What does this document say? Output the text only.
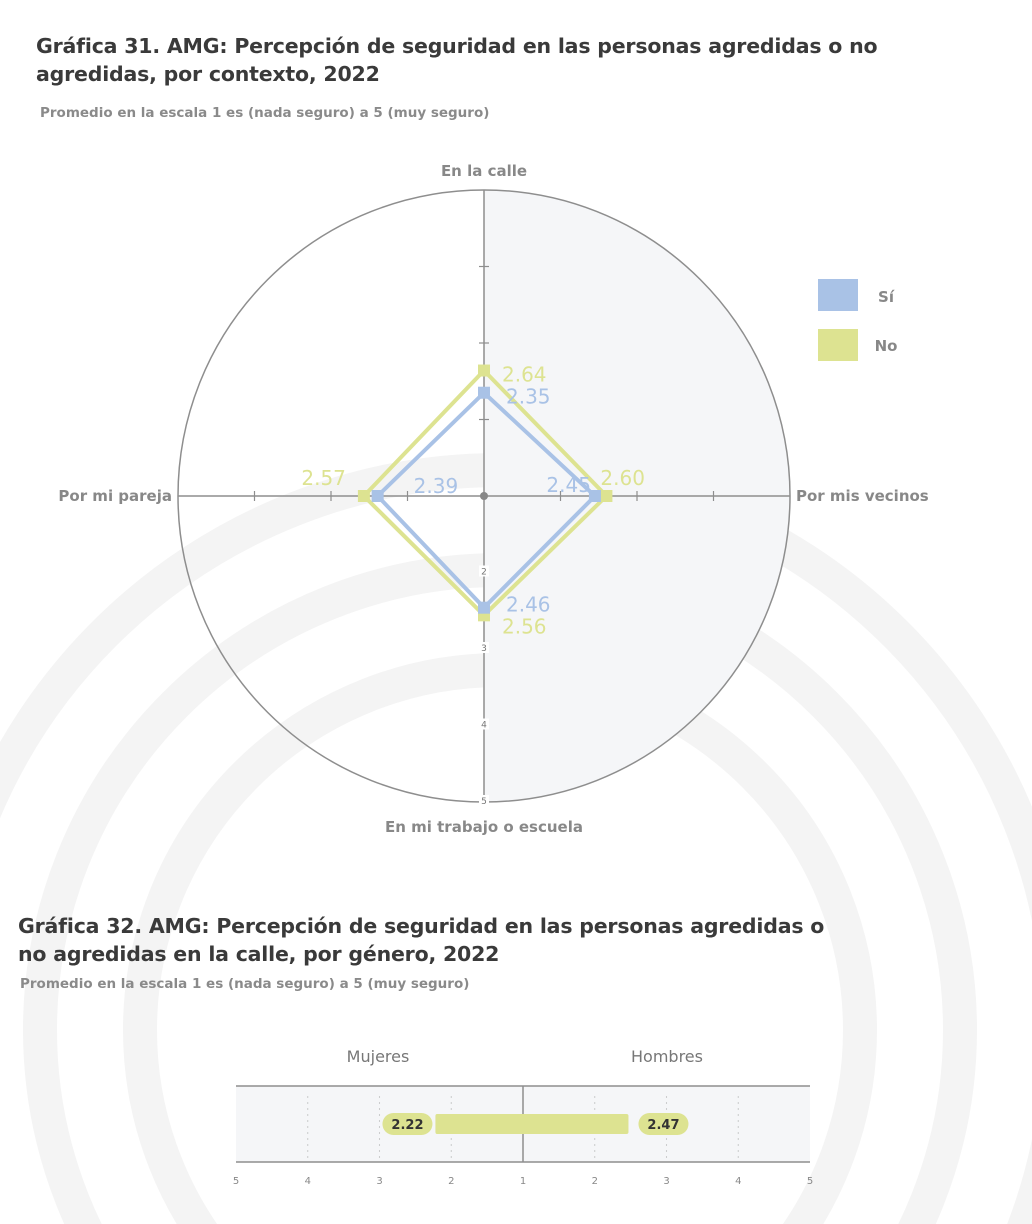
Gráfica 31. AMG: Percepción de seguridad en las personas agredidas o no agredidas, por contexto, 2022
Promedio en la escala 1 es (nada seguro) a 5 (muy seguro)
2
3
4
5
2.64
2.60
2.56
2.57
2.35
2.45
2.46
2.39
En la calle
Por mis vecinos
En mi trabajo o escuela
Por mi pareja
Sí
No
Gráfica 32. AMG: Percepción de seguridad en las personas agredidas o no agredidas en la calle, por género, 2022
Promedio en la escala 1 es (nada seguro) a 5 (muy seguro)
Mujeres	Hombres
2.22	2.47
5	4	3	2	1	2	3	4	5
